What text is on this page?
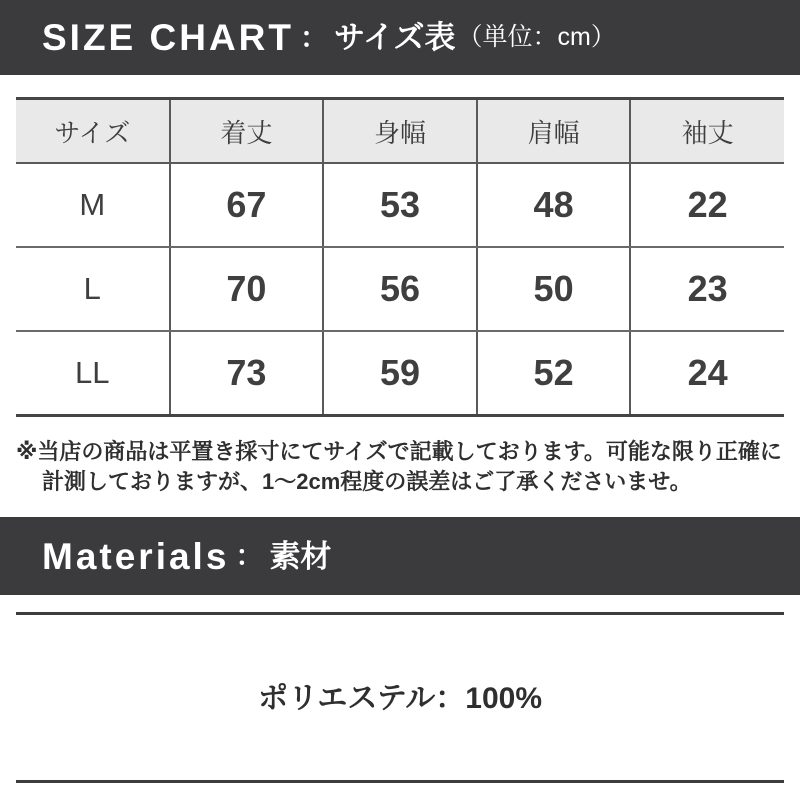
SIZE CHART ： サイズ表 （単位：cm）
サイズ	着丈	身幅	肩幅	袖丈
M	67	53	48	22
L	70	56	50	23
LL	73	59	52	24
※当店の商品は平置き採寸にてサイズで記載しております。可能な限り正確に
計測しておりますが、1～2cm程度の誤差はご了承くださいませ。
Materials ： 素材

ポリエステル：100%
